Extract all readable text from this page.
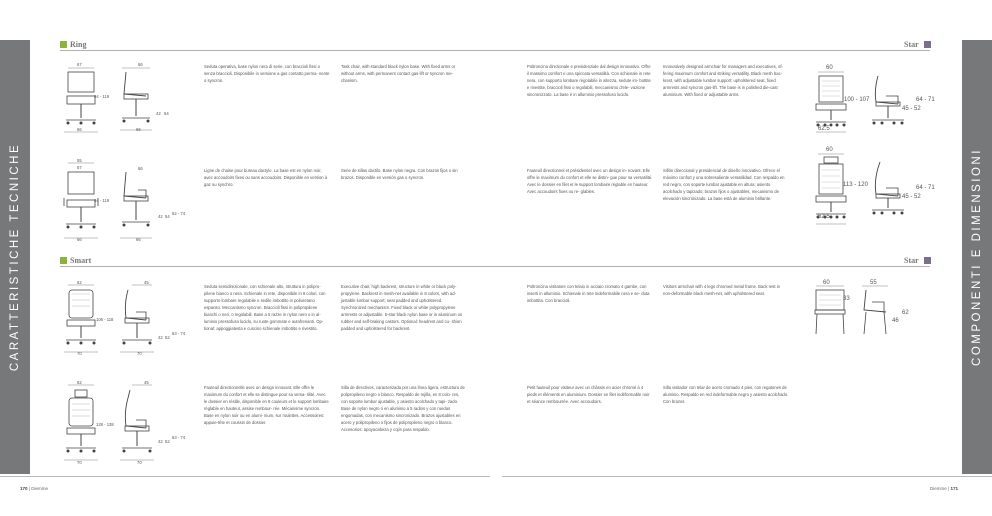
CARATTERISTICHE TECNICHE	COMPONENTI E DIMENSIONI
Ring	Star
Smart	Star
67
94 - 119
66
66
42 54
66
Seduta operativa, base nylon nera di serie, con braccioli fissi o senza braccioli. Disponibile in versione a gas contatto perma- nente o syncron.
Task chair, with standard black nylon base. With fixed arms or without arms, with permanent contact gas-lift or syncron me- chanism.
55
67
94 - 119
66
66
42 54
62 - 74
66
Ligne de chaise pour bureau dactylo. La base est en nylon noir, avec accoudoirs fixes ou sans accoudoirs. Disponible en version à gaz ou synchro.
Serie de sillas dactilo. Base nylon negra. Con brazos fijos o sin brazos. Disponible en versión gas o syncron.
62
106 - 118
70
45
42 52
63 - 74
70
Seduta semidirezionale, con schienale alto, struttura in polipro- pilene bianco o nera. Schienale in rete, disponibile in 8 colori, con supporto lombare regolabile e sedile imbottito in poliuretano espanso. Meccanismo syncron. Braccioli fissi in polipropilene bianchi o neri, o regolabili. Base a 5 razze in nylon nero o in al- luminio pressofuso lucido, su ruote gommate e autofrenanti. Op- tional: appoggiatesta e cuscino schienale imbottito e rivestito.
Executive chair, high backrest, structure in white or black poly- propylene. Backrest in mesh-net available in 8 colors, with ad- justable lumbar support; seat padded and upholstered. Synchronized mechanism. Fixed black or white polypropylene armrests or adjustable. 5-star black nylon base or in aluminum on rubber and self-braking castors. Optional: headrest and cu- shion padded and upholstered for backrest.
62
128 - 138
70
45
42 52
63 - 74
70
Fauteuil directionnelle avec un design innovant. Elle offre le maximum du confort et elle se distingue pour sa versa- tilité. Avec le dossier en résille, disponible en 8 couleurs et le support lombaire réglable en hauteur, assise rembour- rée. Mécanisme syncron. Base en nylon noir ou en alumi- nium, sur roulettes. Accessoires: appuie-tête et coussin de dossier.
Silla de directivos, caracterizada por una línea ligera, estructura de polipropileno negro o blanco. Respaldo de rejilla, en 8 colo- res, con soporte lumbar ajustable, y asiento acolchado y tapi- zado. Base de nylon negro o en aluminio a 5 radios y con ruedas engomadas, con mecanismo sincronizado. Brazos ajustables en acero y polipropileno o fijos de polipropileno negro o blanco. Accesorios: apoyacabeza y cojín para respaldo.
Poltroncina direzionale e presidenziale dal design innovativo. Offre il massimo comfort e una spiccata versatilità. Con schienale in rete nera, con supporto lombare regolabile in altezza, sedute im- bottite e rivestite, braccioli fissi o regolabili, meccanismo d'ele- vazione sincronizzato. La base è in alluminio pressofuso lucido.
Innovatively designed armchair for managers and executives, of- fering maximum comfort and striking versatility. Black mesh bac- krest, with adjustable lumbar support; upholstered seat, fixed armrests and syncron gas-lift. The base is in polished die-cast aluminium. With fixed or adjustable arms.
60
100 - 107
62.5
64 - 71
45 - 52
Fauteuil directionnel et présidentiel avec un design in- novant. Elle offre le maximum du confort et elle se distin- gue pour sa versatilité. Avec le dossier en filet et le support lombaire réglable en hauteur. Avec accoudoirs fixes ou re- glables.
Sillón direccional y presidencial de diseño innovativo. Ofrece el máximo confort y una sobresaliente versatilidad. Con respaldo en red negro, con soporte lumbar ajustable en altura; asiento acolchado y tapizado; brazos fijos o ajustables, mecanismo de elevación sincronizado. La base está de aluminio brillante.
60
113 - 120
62.5
64 - 71
45 - 52
Poltroncina visitatore con telaio in acciaio cromato 4 gambe, con inserti in alluminio. Schienale in rete indeformabile nera e se- duta imbottita. Con braccioli.
Visitors armchair with 4 legs chromed metal frame. Back rest in non-deformable black mesh-net, with upholstered seat.
60
33
55
46
62
Petit fauteuil pour visiteur avec un châssis en acier chromé à 4 pieds et éléments en aluminium. Dossier en filet indéformable noir et séance rembourrée. Avec accoudoirs.
Silla visitador con telar de acero cromado 4 pies, con regatones de aluminio. Respaldo en red indeformable negro y asiento acolchado. Con brazos
170 | Diemme	Diemme | 171
